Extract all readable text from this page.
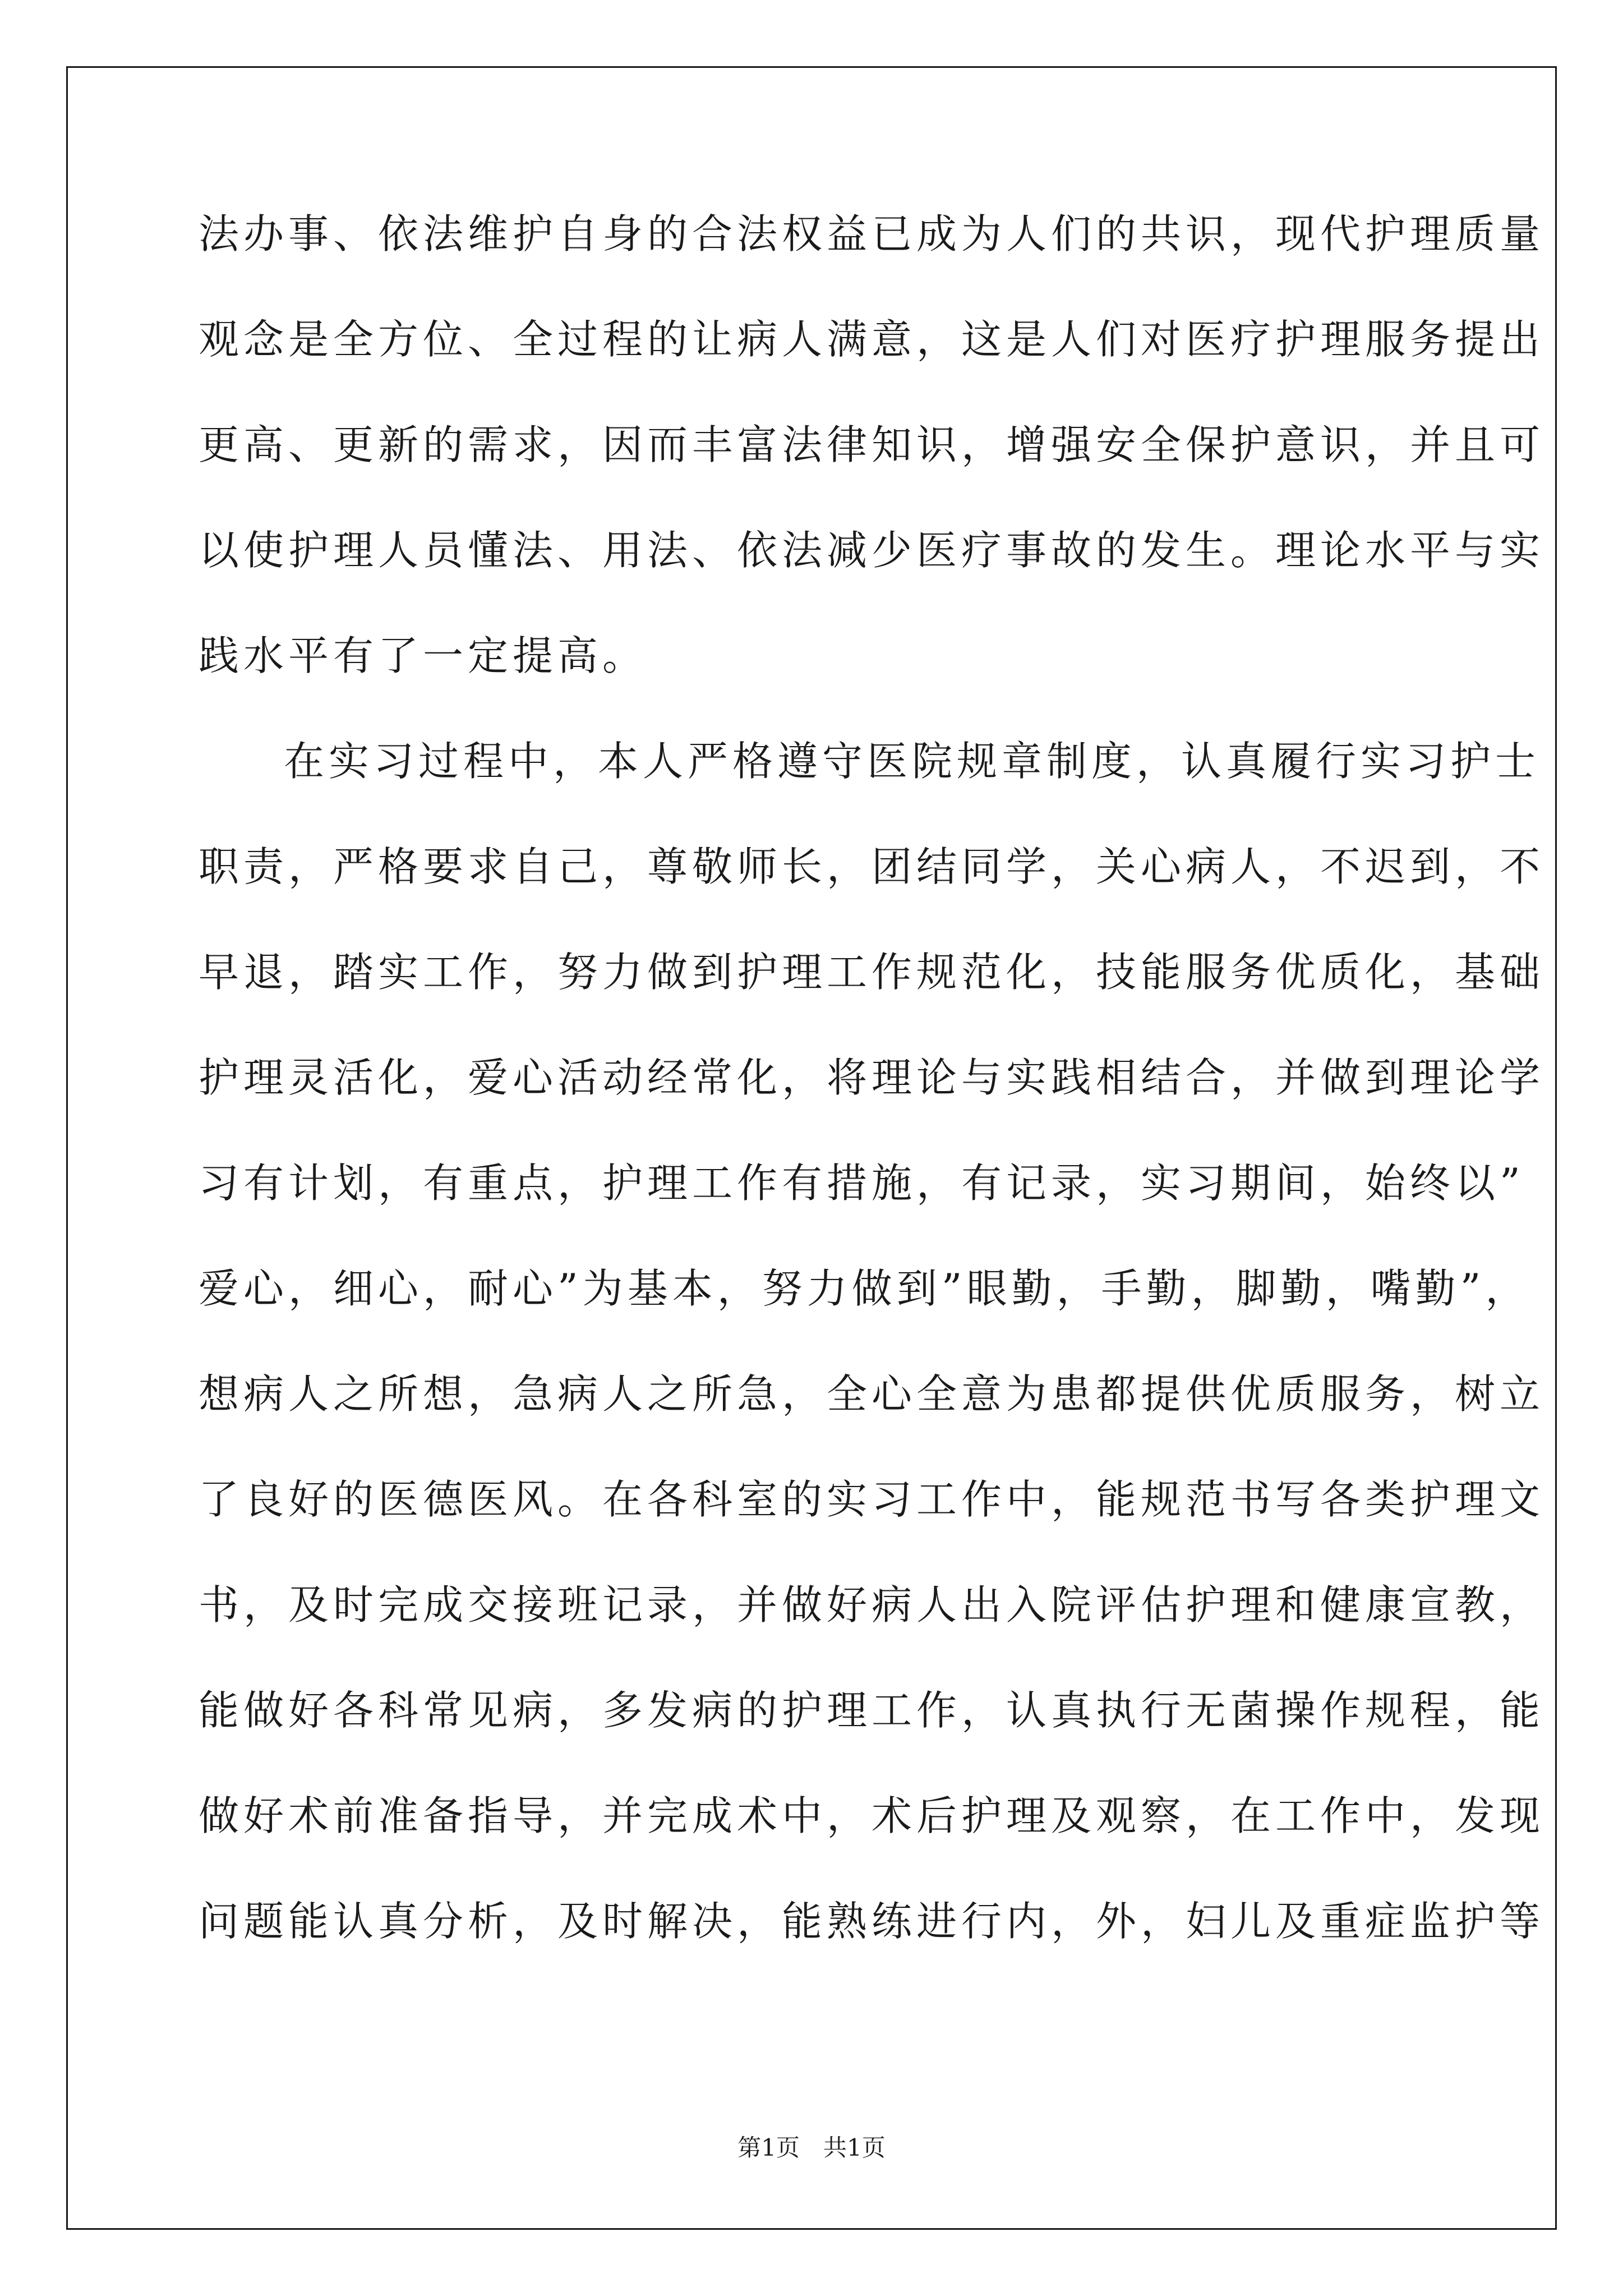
法办事、依法维护自身的合法权益已成为人们的共识，现代护理质量
观念是全方位、全过程的让病人满意，这是人们对医疗护理服务提出
更高、更新的需求，因而丰富法律知识，增强安全保护意识，并且可
以使护理人员懂法、用法、依法减少医疗事故的发生。理论水平与实
践水平有了一定提高。
在实习过程中，本人严格遵守医院规章制度，认真履行实习护士
职责，严格要求自己，尊敬师长，团结同学，关心病人，不迟到，不
早退，踏实工作，努力做到护理工作规范化，技能服务优质化，基础
护理灵活化，爱心活动经常化，将理论与实践相结合，并做到理论学
习有计划，有重点，护理工作有措施，有记录，实习期间，始终以”
爱心，细心，耐心”为基本，努力做到”眼勤，手勤，脚勤，嘴勤”，
想病人之所想，急病人之所急，全心全意为患都提供优质服务，树立
了良好的医德医风。在各科室的实习工作中，能规范书写各类护理文
书，及时完成交接班记录，并做好病人出入院评估护理和健康宣教，
能做好各科常见病，多发病的护理工作，认真执行无菌操作规程，能
做好术前准备指导，并完成术中，术后护理及观察，在工作中，发现
问题能认真分析，及时解决，能熟练进行内，外，妇儿及重症监护等
第1页　共1页
